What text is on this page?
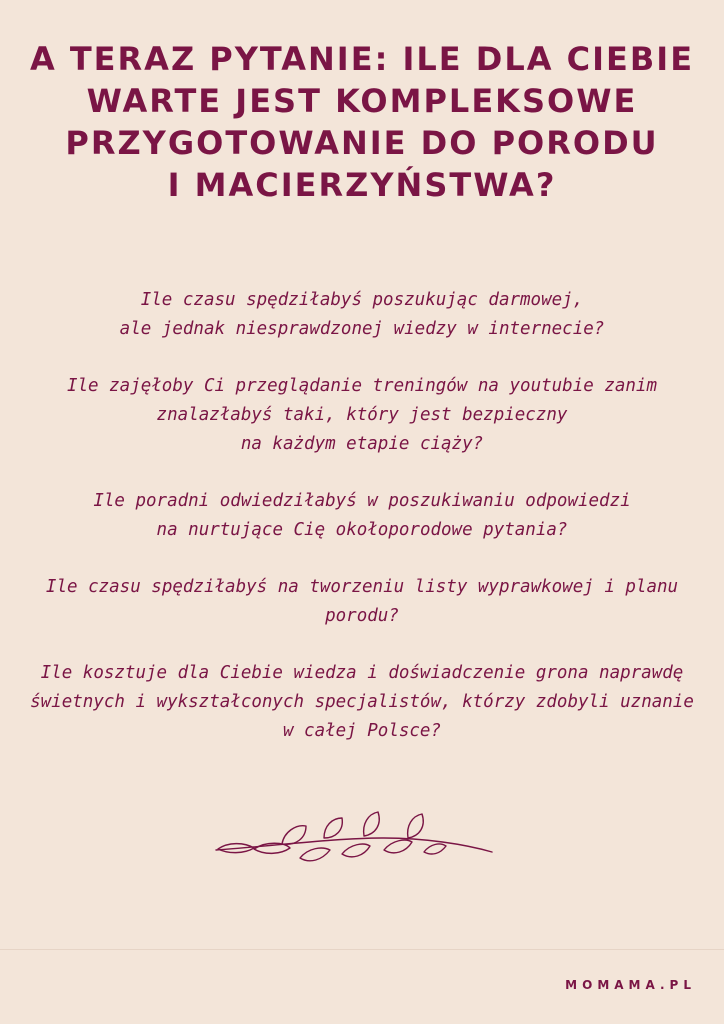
A TERAZ PYTANIE: ILE DLA CIEBIE
WARTE JEST KOMPLEKSOWE
PRZYGOTOWANIE DO PORODU
I MACIERZYŃSTWA?

Ile czasu spędziłabyś poszukując darmowej,
ale jednak niesprawdzonej wiedzy w internecie?

Ile zajęłoby Ci przeglądanie treningów na youtubie zanim
znalazłabyś taki, który jest bezpieczny
na każdym etapie ciąży?

Ile poradni odwiedziłabyś w poszukiwaniu odpowiedzi
na nurtujące Cię okołoporodowe pytania?

Ile czasu spędziłabyś na tworzeniu listy wyprawkowej i planu
porodu?

Ile kosztuje dla Ciebie wiedza i doświadczenie grona naprawdę
świetnych i wykształconych specjalistów, którzy zdobyli uznanie
w całej Polsce?

MOMAMA.PL
